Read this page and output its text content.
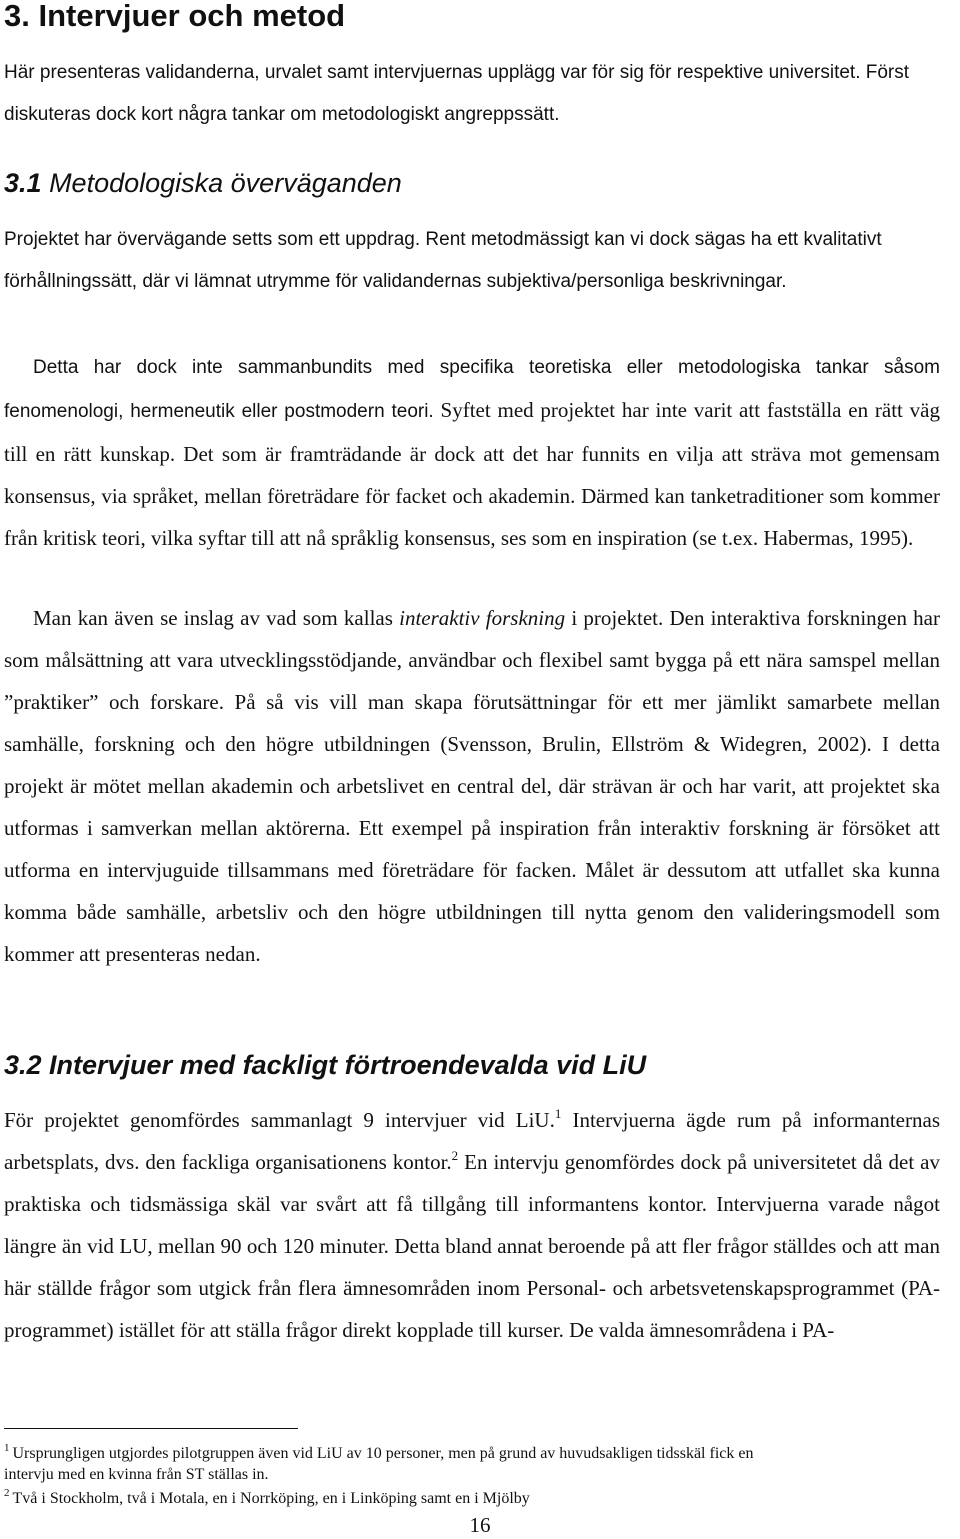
3. Intervjuer och metod

Här presenteras validanderna, urvalet samt intervjuernas upplägg var för sig för respektive universitet. Först diskuteras dock kort några tankar om metodologiskt angreppssätt.

3.1 Metodologiska överväganden

Projektet har övervägande setts som ett uppdrag. Rent metodmässigt kan vi dock sägas ha ett kvalitativt förhållningssätt, där vi lämnat utrymme för validandernas subjektiva/personliga beskrivningar.

Detta har dock inte sammanbundits med specifika teoretiska eller metodologiska tankar såsom fenomenologi, hermeneutik eller postmodern teori. Syftet med projektet har inte varit att fastställa en rätt väg till en rätt kunskap. Det som är framträdande är dock att det har funnits en vilja att sträva mot gemensam konsensus, via språket, mellan företrädare för facket och akademin. Därmed kan tanketraditioner som kommer från kritisk teori, vilka syftar till att nå språklig konsensus, ses som en inspiration (se t.ex. Habermas, 1995).

Man kan även se inslag av vad som kallas interaktiv forskning i projektet. Den interaktiva forskningen har som målsättning att vara utvecklingsstödjande, användbar och flexibel samt bygga på ett nära samspel mellan ”praktiker” och forskare. På så vis vill man skapa förutsättningar för ett mer jämlikt samarbete mellan samhälle, forskning och den högre utbildningen (Svensson, Brulin, Ellström & Widegren, 2002). I detta projekt är mötet mellan akademin och arbetslivet en central del, där strävan är och har varit, att projektet ska utformas i samverkan mellan aktörerna. Ett exempel på inspiration från interaktiv forskning är försöket att utforma en intervjuguide tillsammans med företrädare för facken. Målet är dessutom att utfallet ska kunna komma både samhälle, arbetsliv och den högre utbildningen till nytta genom den valideringsmodell som kommer att presenteras nedan.

3.2 Intervjuer med fackligt förtroendevalda vid LiU

För projektet genomfördes sammanlagt 9 intervjuer vid LiU.$^1$ Intervjuerna ägde rum på informanternas arbetsplats, dvs. den fackliga organisationens kontor.$^2$ En intervju genomfördes dock på universitetet då det av praktiska och tidsmässiga skäl var svårt att få tillgång till informantens kontor. Intervjuerna varade något längre än vid LU, mellan 90 och 120 minuter. Detta bland annat beroende på att fler frågor ställdes och att man här ställde frågor som utgick från flera ämnesområden inom Personal- och arbetsvetenskapsprogrammet (PA-programmet) istället för att ställa frågor direkt kopplade till kurser. De valda ämnesområdena i PA-

$^1$ Ursprungligen utgjordes pilotgruppen även vid LiU av 10 personer, men på grund av huvudsakligen tidsskäl fick en

intervju med en kvinna från ST ställas in.

$^2$ Två i Stockholm, två i Motala, en i Norrköping, en i Linköping samt en i Mjölby

16
